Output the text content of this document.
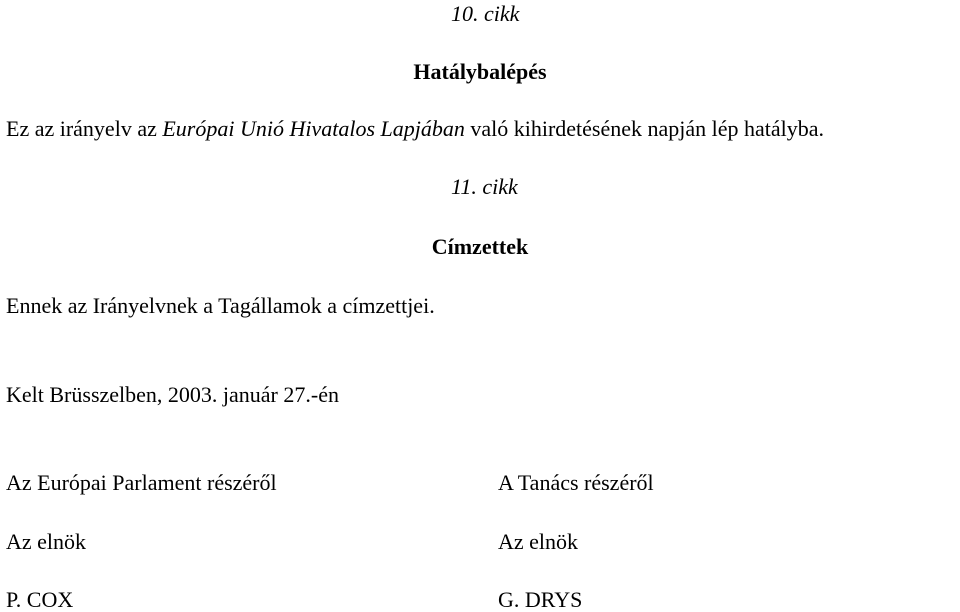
10. cikk
Hatálybalépés
Ez az irányelv az Európai Unió Hivatalos Lapjában való kihirdetésének napján lép hatályba.
11. cikk
Címzettek
Ennek az Irányelvnek a Tagállamok a címzettjei.
Kelt Brüsszelben, 2003. január 27.-én
Az Európai Parlament részéről	A Tanács részéről
Az elnök	Az elnök
P. COX	G. DRYS
